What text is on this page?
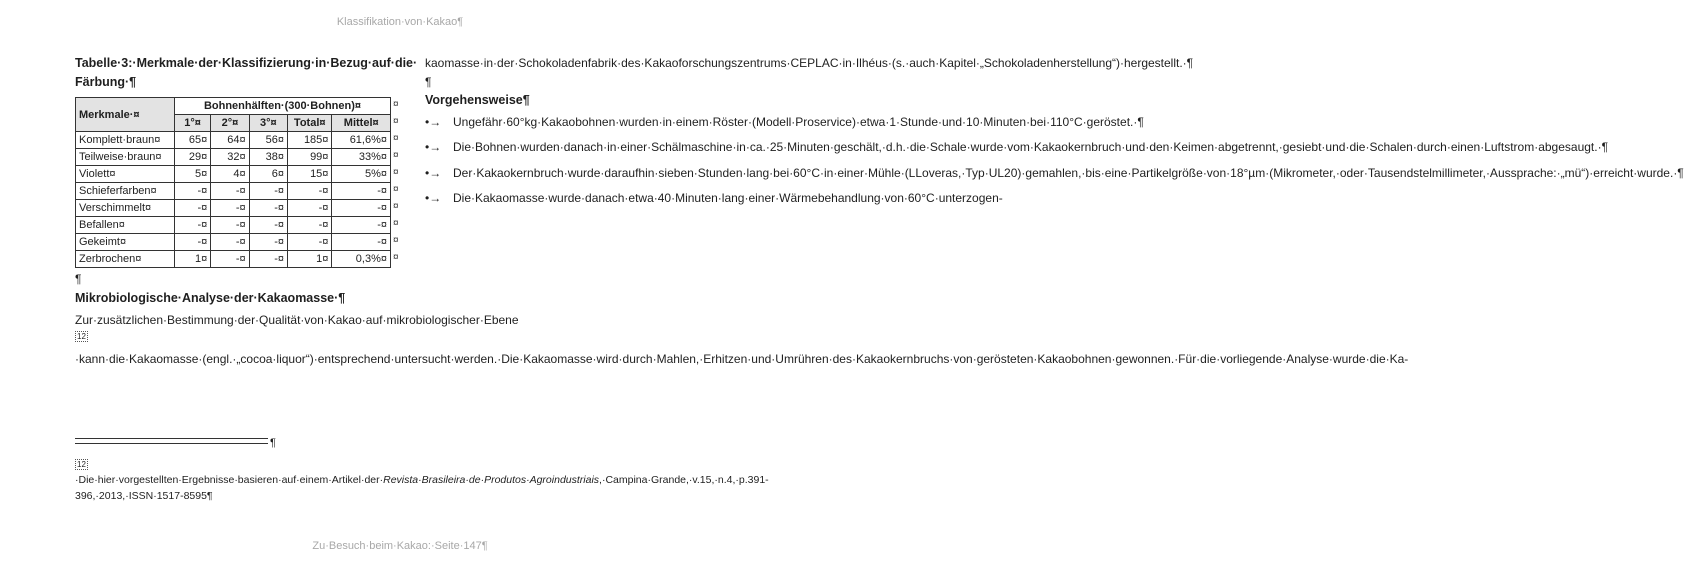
Klassifikation·von·Kakao¶

Tabelle·3:·Merkmale·der·Klassifizierung·in·Bezug·auf·die·
Färbung·¶

Merkmale·¤	Bohnenhälften·(300·Bohnen)¤				
	1°¤	2°¤	3°¤	Total¤	Mittel¤
Komplett·braun¤	65¤	64¤	56¤	185¤	61,6%¤
Teilweise·braun¤	29¤	32¤	38¤	99¤	33%¤
Violett¤	5¤	4¤	6¤	15¤	5%¤
Schieferfarben¤	-¤	-¤	-¤	-¤	-¤
Verschimmelt¤	-¤	-¤	-¤	-¤	-¤
Befallen¤	-¤	-¤	-¤	-¤	-¤
Gekeimt¤	-¤	-¤	-¤	-¤	-¤
Zerbrochen¤	1¤	-¤	-¤	1¤	0,3%¤
¤
¤
¤
¤
¤
¤
¤
¤
¤
¤
¶

Mikrobiologische·Analyse·der·Kakaomasse·¶

Zur·zusätzlichen·Bestimmung·der·Qualität·von·Kakao·auf·mikrobiologischer·Ebene12·kann·die·Kakaomasse·(engl.·„cocoa·liquor“)·entsprechend·untersucht·werden.·Die·Kakaomasse·wird·durch·Mahlen,·Erhitzen·und·Umrühren·des·Kakaokernbruchs·von·gerösteten·Kakaobohnen·gewonnen.·Für·die·vorliegende·Analyse·wurde·die·Ka-

kaomasse·in·der·Schokoladenfabrik·des·Kakaoforschungszentrums·CEPLAC·in·Ilhéus·(s.·auch·Kapitel·„Schokoladenherstellung“)·hergestellt.·¶

¶

Vorgehensweise¶

•→ Ungefähr·60°kg·Kakaobohnen·wurden·in·einem·Röster·(Modell·Proservice)·etwa·1·Stunde·und·10·Minuten·bei·110°C·geröstet.·¶
•→ Die·Bohnen·wurden·danach·in·einer·Schälmaschine·in·ca.·25·Minuten·geschält,·d.h.·die·Schale·wurde·vom·Kakaokernbruch·und·den·Keimen·abgetrennt,·gesiebt·und·die·Schalen·durch·einen·Luftstrom·abgesaugt.·¶
•→ Der·Kakaokernbruch·wurde·daraufhin·sieben·Stunden·lang·bei·60°C·in·einer·Mühle·(LLoveras,·Typ·UL20)·gemahlen,·bis·eine·Partikelgröße·von·18°µm·(Mikrometer,·oder·Tausendstelmillimeter,·Aussprache:·„mü“)·erreicht·wurde.·¶
•→ Die·Kakaomasse·wurde·danach·etwa·40·Minuten·lang·einer·Wärmebehandlung·von·60°C·unterzogen-
¶
12·Die·hier·vorgestellten·Ergebnisse·basieren·auf·einem·Artikel·der·Revista·Brasileira·de·Produtos·Agroindustriais,·Campina·Grande,·v.15,·n.4,·p.391-396,·2013,·ISSN·1517-8595¶
Zu·Besuch·beim·Kakao:·Seite·147¶
